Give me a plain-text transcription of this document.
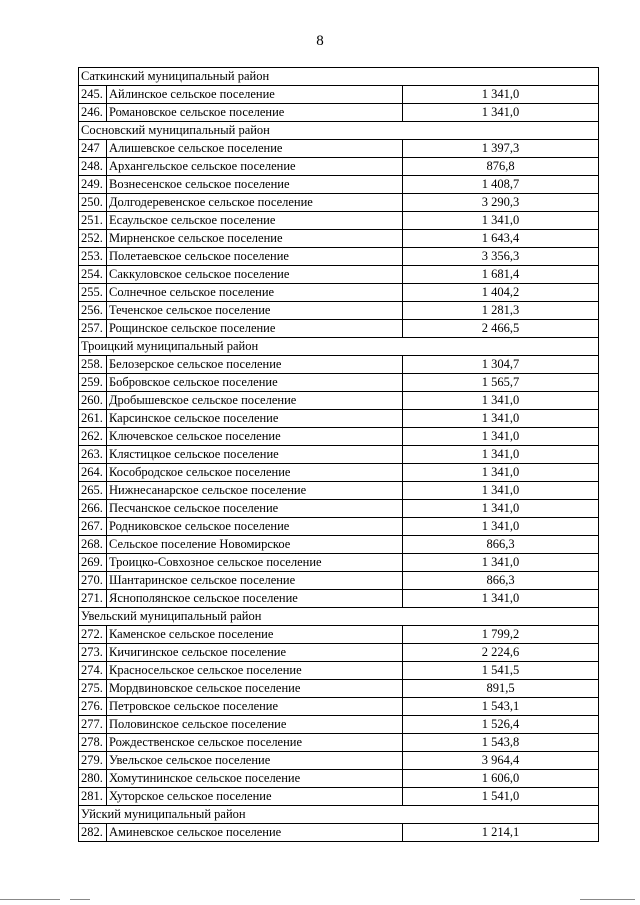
8
Саткинский муниципальный район		
245.	Айлинское сельское поселение	1 341,0
246.	Романовское сельское поселение	1 341,0
Сосновский муниципальный район		
247	Алишевское сельское поселение	1 397,3
248.	Архангельское сельское поселение	876,8
249.	Вознесенское сельское поселение	1 408,7
250.	Долгодеревенское сельское поселение	3 290,3
251.	Есаульское сельское поселение	1 341,0
252.	Мирненское сельское поселение	1 643,4
253.	Полетаевское сельское поселение	3 356,3
254.	Саккуловское сельское поселение	1 681,4
255.	Солнечное сельское поселение	1 404,2
256.	Теченское сельское поселение	1 281,3
257.	Рощинское сельское поселение	2 466,5
Троицкий муниципальный район		
258.	Белозерское сельское поселение	1 304,7
259.	Бобровское сельское поселение	1 565,7
260.	Дробышевское сельское поселение	1 341,0
261.	Карсинское сельское поселение	1 341,0
262.	Ключевское сельское поселение	1 341,0
263.	Клястицкое сельское поселение	1 341,0
264.	Кособродское сельское поселение	1 341,0
265.	Нижнесанарское сельское поселение	1 341,0
266.	Песчанское сельское поселение	1 341,0
267.	Родниковское сельское поселение	1 341,0
268.	Сельское поселение Новомирское	866,3
269.	Троицко-Совхозное сельское поселение	1 341,0
270.	Шантаринское сельское поселение	866,3
271.	Яснополянское сельское поселение	1 341,0
Увельский муниципальный район		
272.	Каменское сельское поселение	1 799,2
273.	Кичигинское сельское поселение	2 224,6
274.	Красносельское сельское поселение	1 541,5
275.	Мордвиновское сельское поселение	891,5
276.	Петровское сельское поселение	1 543,1
277.	Половинское сельское поселение	1 526,4
278.	Рождественское сельское поселение	1 543,8
279.	Увельское сельское поселение	3 964,4
280.	Хомутининское сельское поселение	1 606,0
281.	Хуторское сельское поселение	1 541,0
Уйский муниципальный район		
282.	Аминевское сельское поселение	1 214,1
